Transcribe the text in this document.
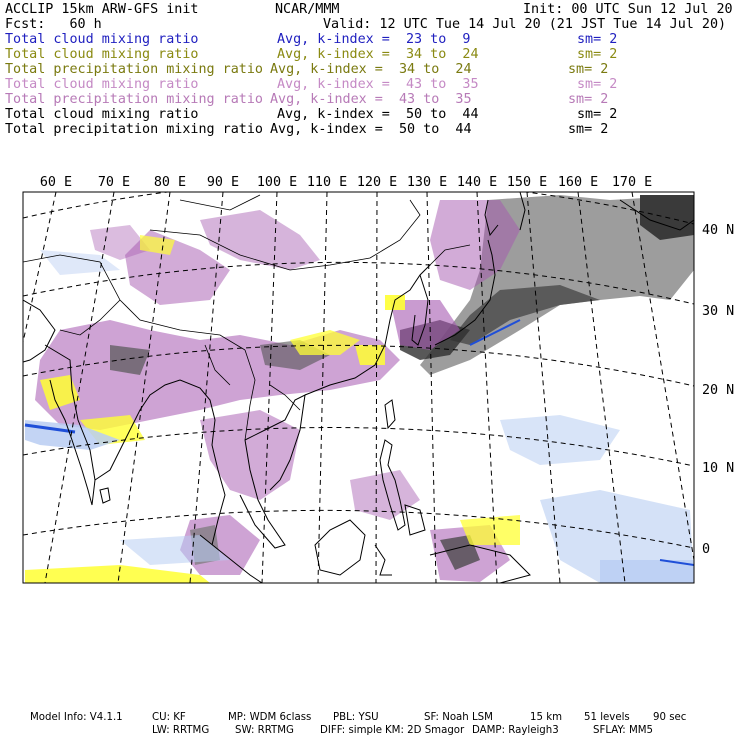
ACCLIP 15km ARW-GFS init

	NCAR/MMM

	Init: 00 UTC Sun 12 Jul 20

Fcst:   60 h

	Valid: 12 UTC Tue 14 Jul 20 (21 JST Tue 14 Jul 20)

Total cloud mixing ratio

	Avg, k-index =  23 to  9

	sm= 2

Total cloud mixing ratio

	Avg, k-index =  34 to  24

	sm= 2

Total precipitation mixing ratio

Avg, k-index =  34 to  24

	sm= 2

Total cloud mixing ratio

	Avg, k-index =  43 to  35

	sm= 2

Total precipitation mixing ratio

Avg, k-index =  43 to  35

	sm= 2

Total cloud mixing ratio

	Avg, k-index =  50 to  44

	sm= 2

Total precipitation mixing ratio

Avg, k-index =  50 to  44

	sm= 2

60 E 70 E 80 E 90 E 100 E 110 E 120 E 130 E 140 E 150 E 160 E 170 E
40 N
30 N
20 N
10 N
0
Model Info: V4.1.1	CU: KF	MP: WDM 6class PBL: YSU	SF: Noah LSM	15 km 51 levels 90 sec
LW: RRTMG	SW: RRTMG	DIFF: simple KM: 2D Smagor DAMP: Rayleigh3	SFLAY: MM5
